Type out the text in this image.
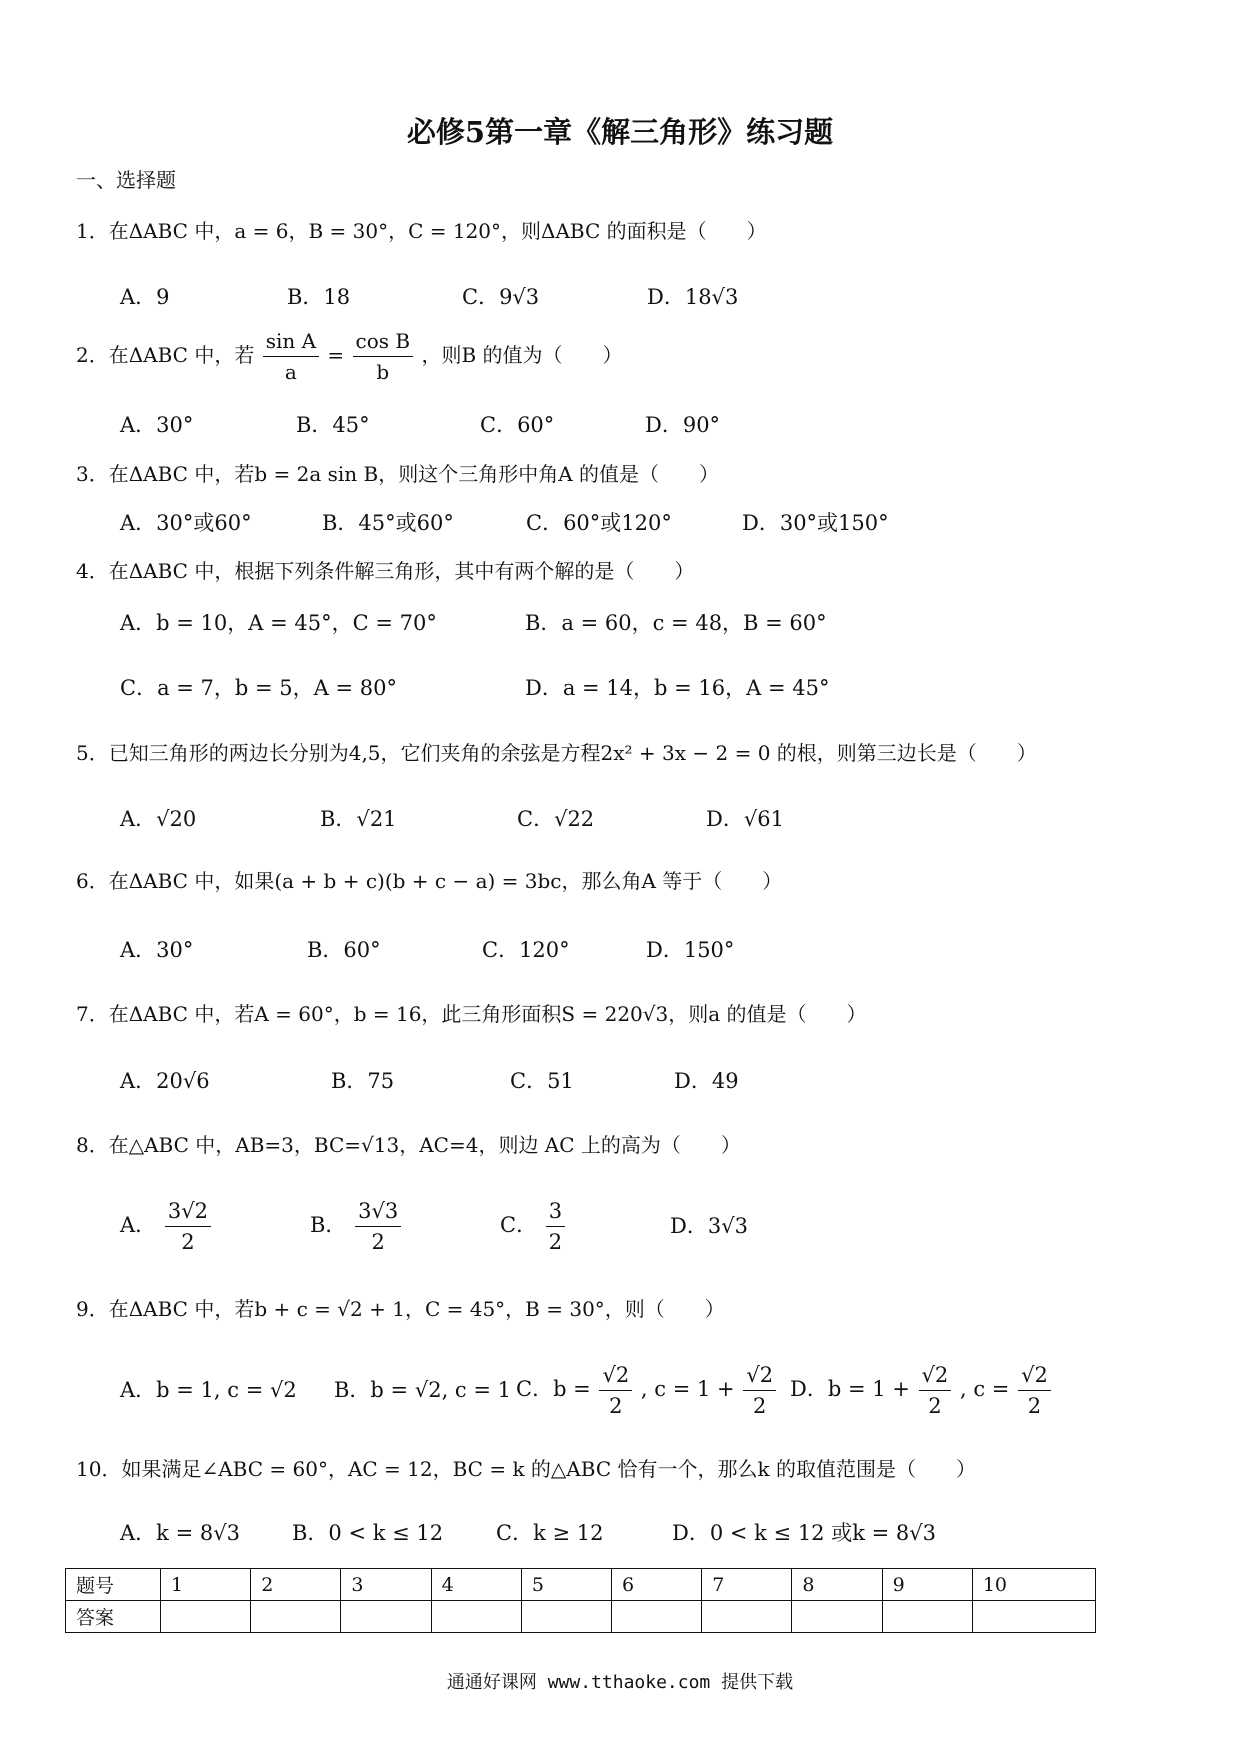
必修5第一章《解三角形》练习题
一、选择题
1．在ΔABC 中，a = 6，B = 30°，C = 120°，则ΔABC 的面积是（　　）
A．9	B．18	C．9√3	D．18√3
2．在ΔABC 中，若 $\frac{\text{sin A}}{a} = \frac{\text{cos B}}{b}$ ，则B 的值为（　　）
A．30°	B．45°	C．60°	D．90°
3．在ΔABC 中，若b = 2a sin B，则这个三角形中角A 的值是（　　）
A．30°或60°	B．45°或60°	C．60°或120°	D．30°或150°
4．在ΔABC 中，根据下列条件解三角形，其中有两个解的是（　　）
A．b = 10，A = 45°，C = 70°	B．a = 60，c = 48，B = 60°
C．a = 7，b = 5，A = 80°	D．a = 14，b = 16，A = 45°
5．已知三角形的两边长分别为4,5，它们夹角的余弦是方程2x² + 3x − 2 = 0 的根，则第三边长是（　　）
A．√20	B．√21	C．√22	D．√61
6．在ΔABC 中，如果(a + b + c)(b + c − a) = 3bc，那么角A 等于（　　）
A．30°	B．60°	C．120°	D．150°
7．在ΔABC 中，若A = 60°，b = 16，此三角形面积S = 220√3，则a 的值是（　　）
A．20√6	B．75	C．51	D．49
8．在△ABC 中，AB=3，BC=√13，AC=4，则边 AC 上的高为（　　）
A． $\frac{3√2}{2}$	B． $\frac{3√3}{2}$	C． $\frac{3}{2}$	D．3√3
9．在ΔABC 中，若b + c = √2 + 1，C = 45°，B = 30°，则（　　）
A．b = 1, c = √2 B．b = √2, c = 1 C．$b = \frac{√2}{2}$ , $c = 1 + \frac{√2}{2}$ D．$b = 1 + \frac{√2}{2}$ , $c = \frac{√2}{2}$
10．如果满足∠ABC = 60°，AC = 12，BC = k 的△ABC 恰有一个，那么k 的取值范围是（　　）
A．k = 8√3 B．0 < k ≤ 12	C．k ≥ 12	D．0 < k ≤ 12 或k = 8√3
题号	1	2	3	4	5	6	7	8	9	10
答案										
通通好课网 www.tthaoke.com 提供下载
